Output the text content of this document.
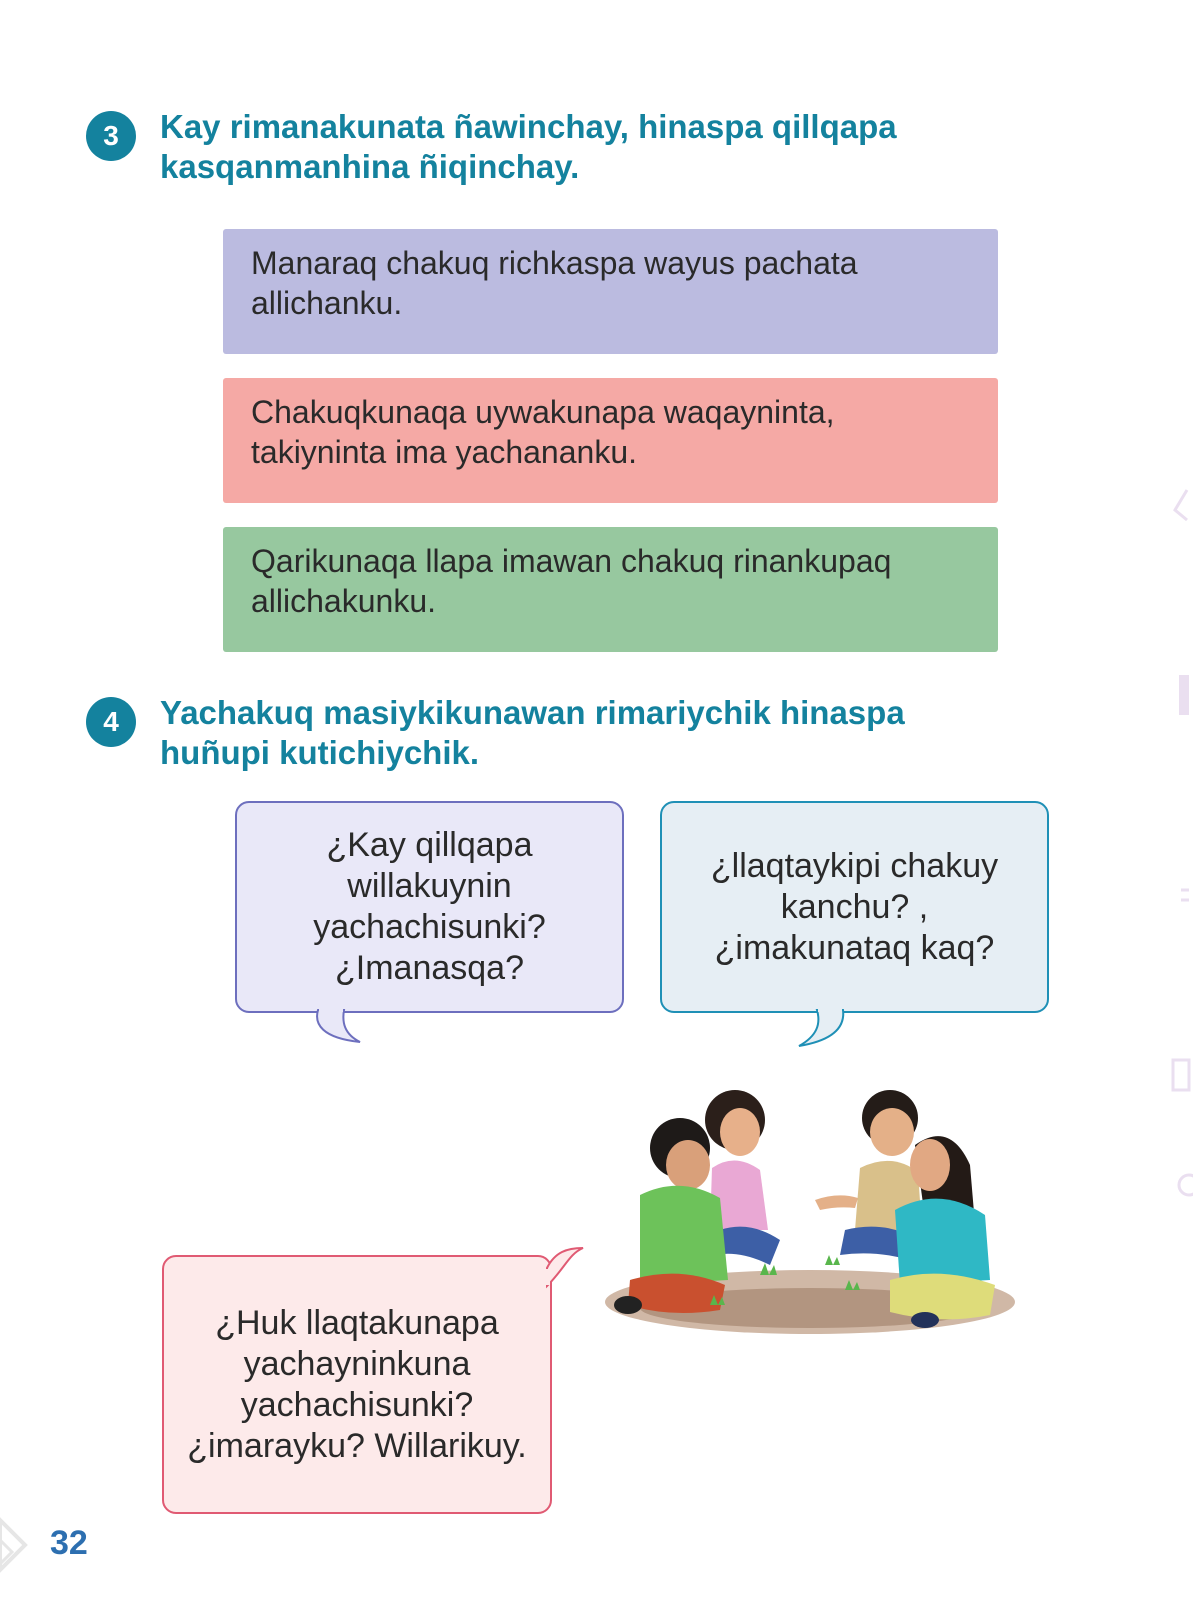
3	Kay rimanakunata ñawinchay, hinaspa qillqapa kasqanmanhina ñiqinchay.
Manaraq chakuq richkaspa wayus pachata allichanku.
Chakuqkunaqa uywakunapa waqayninta, takiyninta ima yachananku.
Qarikunaqa llapa imawan chakuq rinankupaq allichakunku.
4	Yachakuq masiykikunawan rimariychik hinaspa huñupi kutichiychik.
¿Kay qillqapa willakuynin yachachisunki? ¿Imanasqa?
¿llaqtaykipi chakuy kanchu? , ¿imakunataq kaq?
¿Huk llaqtakunapa yachayninkuna yachachisunki? ¿imarayku? Willarikuy.
32
